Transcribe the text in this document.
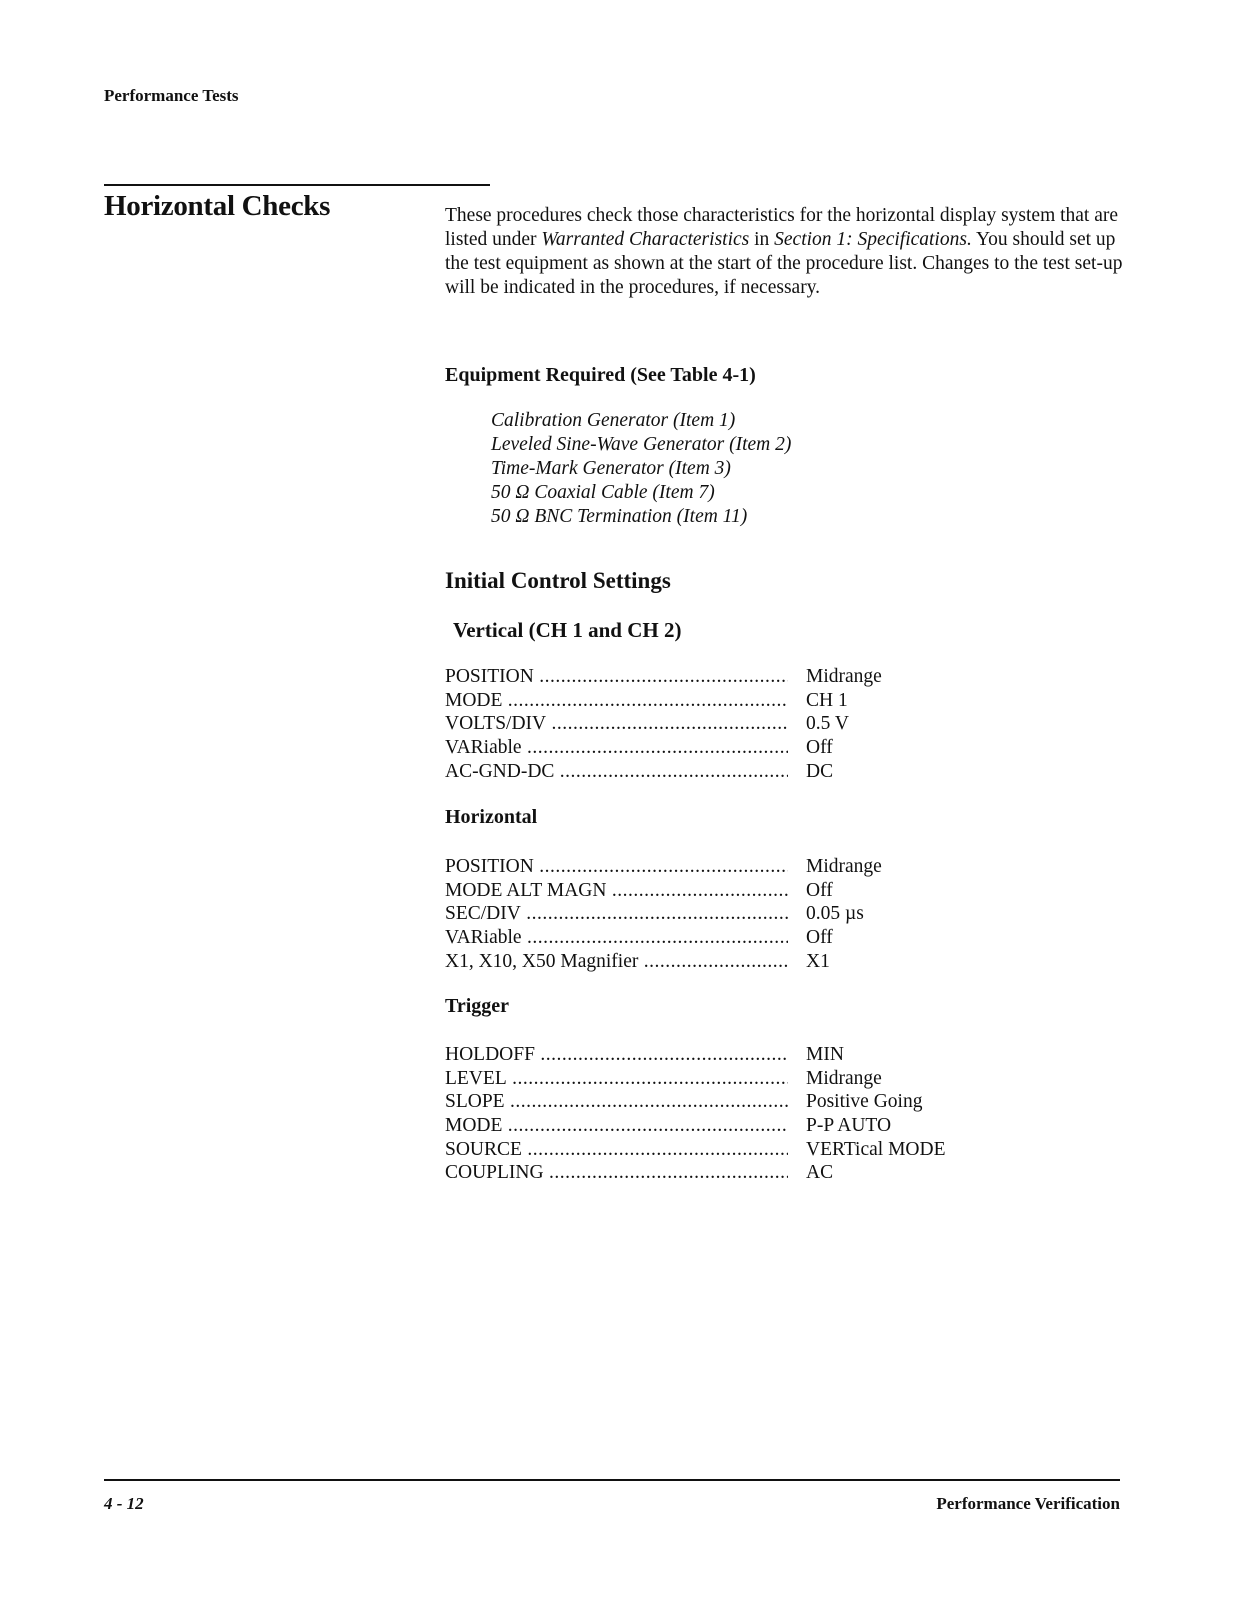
Performance Tests
Horizontal Checks	These procedures check those characteristics for the horizontal display system that are listed under Warranted Characteristics in Section 1: Specifications. You should set up the test equipment as shown at the start of the procedure list. Changes to the test set-up will be indicated in the procedures, if necessary.

Equipment Required (See Table 4-1)
Calibration Generator (Item 1)
Leveled Sine-Wave Generator (Item 2)
Time-Mark Generator (Item 3)
50 Ω Coaxial Cable (Item 7)
50 Ω BNC Termination (Item 11)
Initial Control Settings
Vertical (CH 1 and CH 2)
POSITION .....	Midrange
MODE .....	CH 1
VOLTS/DIV .....	0.5 V
VARiable .....	Off
AC-GND-DC .....	DC
Horizontal
POSITION .....	Midrange
MODE ALT MAGN .....	Off
SEC/DIV .....	0.05 µs
VARiable .....	Off
X1, X10, X50 Magnifier .....	X1
Trigger
HOLDOFF .....	MIN
LEVEL .....	Midrange
SLOPE .....	Positive Going
MODE .....	P-P AUTO
SOURCE .....	VERTical MODE
COUPLING .....	AC
4 - 12	Performance Verification
